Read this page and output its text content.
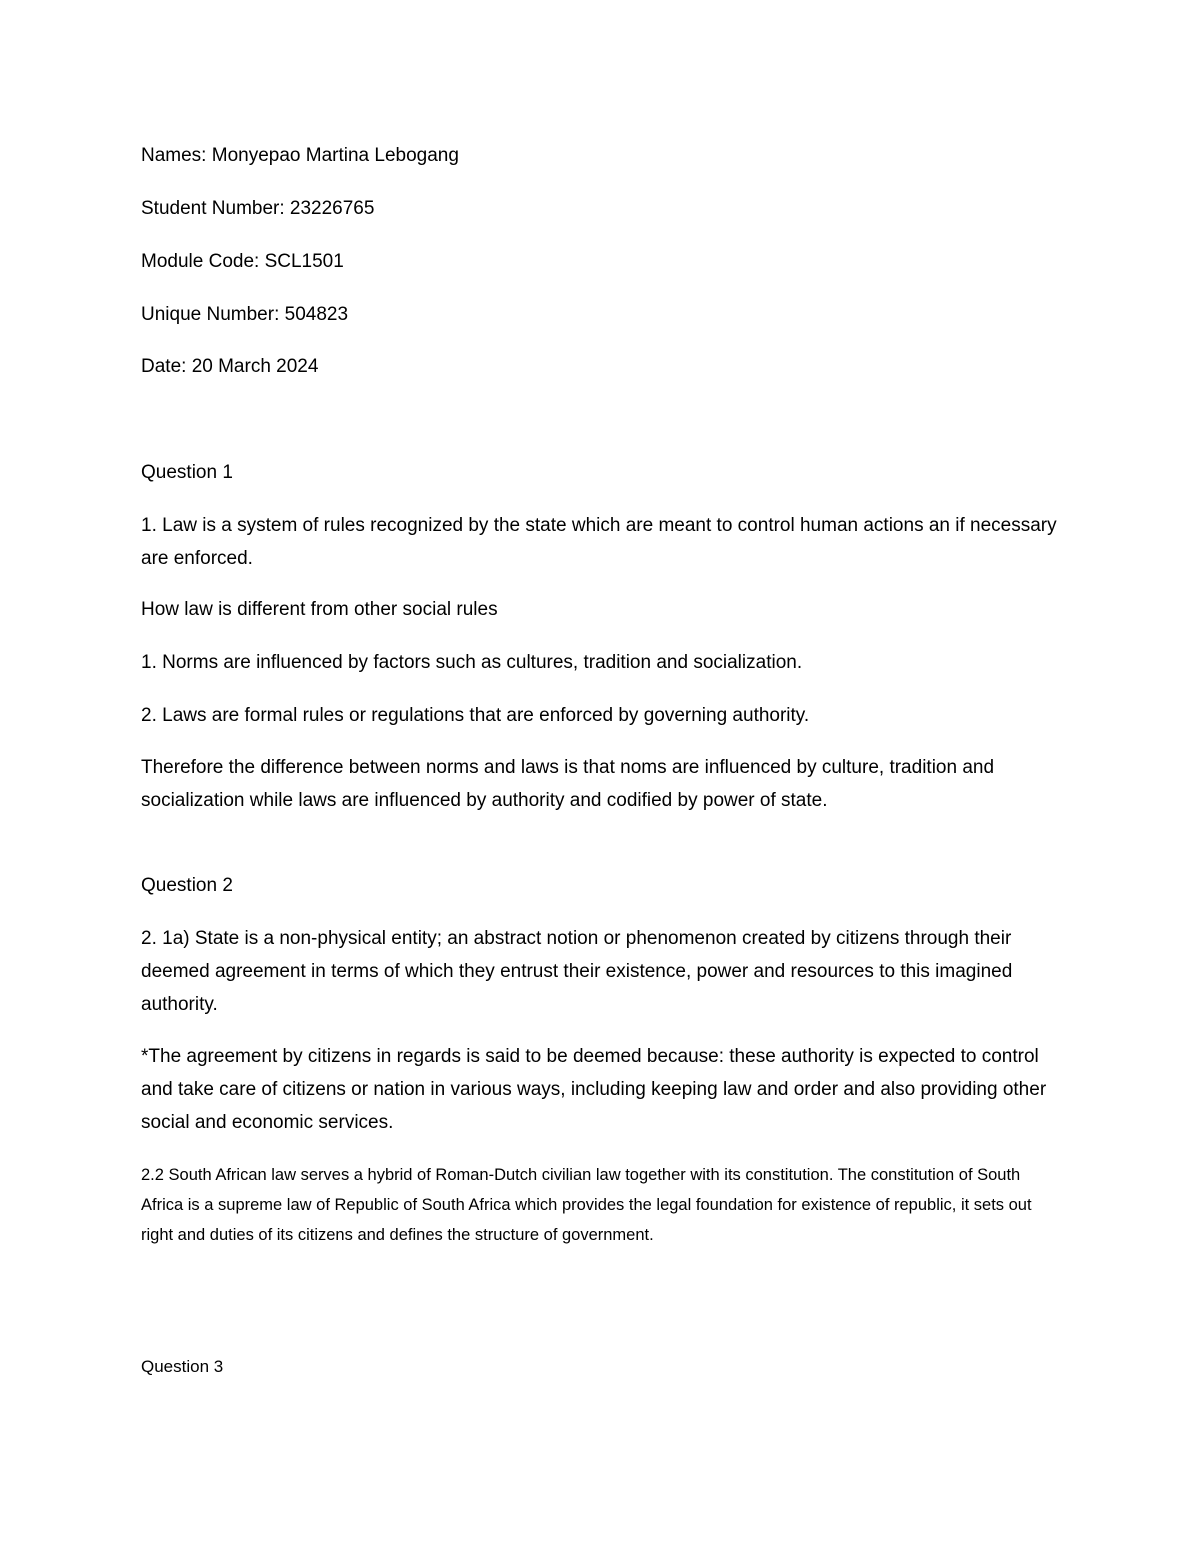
Names: Monyepao Martina Lebogang

Student Number: 23226765

Module Code: SCL1501

Unique Number: 504823

Date: 20 March 2024

Question 1

1. Law is a system of rules recognized by the state which are meant to control human actions an if necessary are enforced.

How law is different from other social rules

1. Norms are influenced by factors such as cultures, tradition and socialization.

2. Laws are formal rules or regulations that are enforced by governing authority.

Therefore the difference between norms and laws is that noms are influenced by culture, tradition and socialization while laws are influenced by authority and codified by power of state.

Question 2

2. 1a) State is a non-physical entity; an abstract notion or phenomenon created by citizens through their deemed agreement in terms of which they entrust their existence, power and resources to this imagined authority.

*The agreement by citizens in regards is said to be deemed because: these authority is expected to control and take care of citizens or nation in various ways, including keeping law and order and also providing other social and economic services.

2.2 South African law serves a hybrid of Roman-Dutch civilian law together with its constitution. The constitution of South Africa is a supreme law of Republic of South Africa which provides the legal foundation for existence of republic, it sets out right and duties of its citizens and defines the structure of government.

Question 3
